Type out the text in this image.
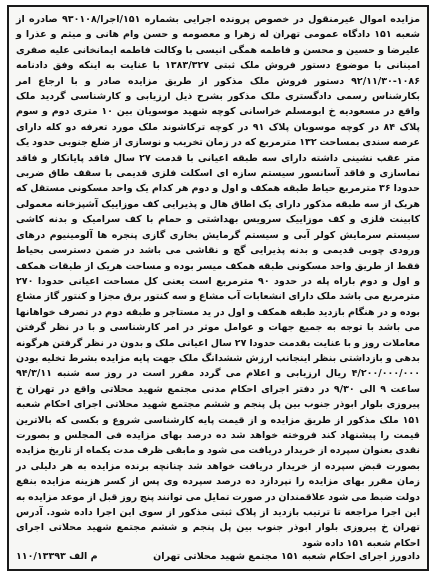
مزایده اموال غیرمنقول در خصوص پرونده اجرایی بشماره ۱۵۱/اجرا/۹۳۰۱۰۸ صادره از شعبه ۱۵۱ دادگاه عمومی تهران له زهرا و معصومه و حسن وام هانی و میثم و عذرا و علیرضا و حسین و محسن و فاطمه همگی انیسی با وکالت فاطمه ایمانخانی علیه صفری امینانی با موضوع دستور فروش ملک ثبتی ۱۳۸۳/۳۲۷ با عنایت به اینکه وفق دادنامه ۱۰۸۶-۹۲/۱۱/۳۰ دستور فروش ملک مذکور از طریق مزایده صادر و با ارجاع امر بکارشناس رسمی دادگستری ملک مذکور بشرح ذیل ارزیابی و کارشناسی گردید ملک واقع در مسعودیه خ ابومسلم خراسانی کوچه شهید موسویان بین ۱۰ متری دوم و سوم پلاک ۸۴ در کوچه موسویان پلاک ۹۱ در کوچه ترکاشوند ملک مورد تعرفه دو کله دارای عرصه سندی بمساحت ۱۳۲ مترمربع که در زمان تخریب و نوسازی از ضلع جنوبی حدود یک متر عقب نشینی داشته دارای سه طبقه اعیانی با قدمت ۲۷ سال فاقد پایانکار و فاقد نماسازی و فاقد آسانسور سیستم سازه ای اسکلت فلزی قدیمی با سقف طاق ضربی حدودا ۳۶ مترمربع حیاط طبقه همکف و اول و دوم هر کدام یک واحد مسکونی مستقل که هریک از سه طبقه مذکور دارای یک اطاق هال و پذیرایی کف موزاییک آشپزخانه معمولی کابینت فلزی و کف موزاییک سرویس بهداشتی و حمام با کف سرامیک و بدنه کاشی سیستم سرمایش کولر آبی و سیستم گرمایش بخاری گازی پنجره ها آلومینیوم درهای ورودی چوبی قدیمی و بدنه پذیرایی گچ و نقاشی می باشد در ضمن دسترسی بحیاط فقط از طریق واحد مسکونی طبقه همکف میسر بوده و مساحت هریک از طبقات همکف و اول و دوم باراه پله در حدود ۹۰ مترمربع است یعنی کل مساحت اعیانی حدودا ۲۷۰ مترمربع می باشد ملک دارای انشعابات آب مشاع و سه کنتور برق مجزا و کنتور گاز مشاع بوده و در هنگام بازدید طبقه همکف و اول در ید مستاجر و طبقه دوم در تصرف خواهانها می باشد با توجه به جمیع جهات و عوامل موثر در امر کارشناسی و با در نظر گرفتن معاملات روز و با عنایت بقدمت حدودا ۲۷ سال اعیانی ملک و بدون در نظر گرفتن هرگونه بدهی و بازداشتی بنظر اینجانب ارزش ششدانگ ملک جهت پایه مزایده بشرط تخلیه بودن ۴/۲۰۰/۰۰۰/۰۰۰ ریال ارزیابی و اعلام می گردد مقرر است در روز سه شنبه ۹۴/۳/۱۱ ساعت ۹ الی ۹/۳۰ در دفتر اجرای احکام مدنی مجتمع شهید محلاتی واقع در تهران خ پیروزی بلوار ابوذر جنوب بین پل پنجم و ششم مجتمع شهید محلاتی اجرای احکام شعبه ۱۵۱ ملک مذکور از طریق مزایده و از قیمت پایه کارشناسی شروع و بکسی که بالاترین قیمت را پیشنهاد کند فروخته خواهد شد ده درصد بهای مزایده فی المجلس و بصورت نقدی بعنوان سپرده از خریدار دریافت می شود و مابقی ظرف مدت یکماه از تاریخ مزایده بصورت قبض سپرده از خریدار دریافت خواهد شد چنانچه برنده مزایده به هر دلیلی در زمان مقرر بهای مزایده را نپردازد ده درصد سپرده وی پس از کسر هزینه مزایده بنفع دولت ضبط می شود علاقمندان در صورت تمایل می توانند پنج روز قبل از موعد مزایده به این اجرا مراجعه تا ترتیب بازدید از پلاک ثبتی مذکور از سوی این اجرا داده شود. آدرس تهران خ پیروزی بلوار ابوذر جنوب بین پل پنجم و ششم مجتمع شهید محلاتی اجرای احکام شعبه ۱۵۱ داده شود

دادورز اجرای احکام شعبه ۱۵۱ مجتمع شهید محلاتی تهران
۱۱۰/۱۳۳۹۳ م الف
